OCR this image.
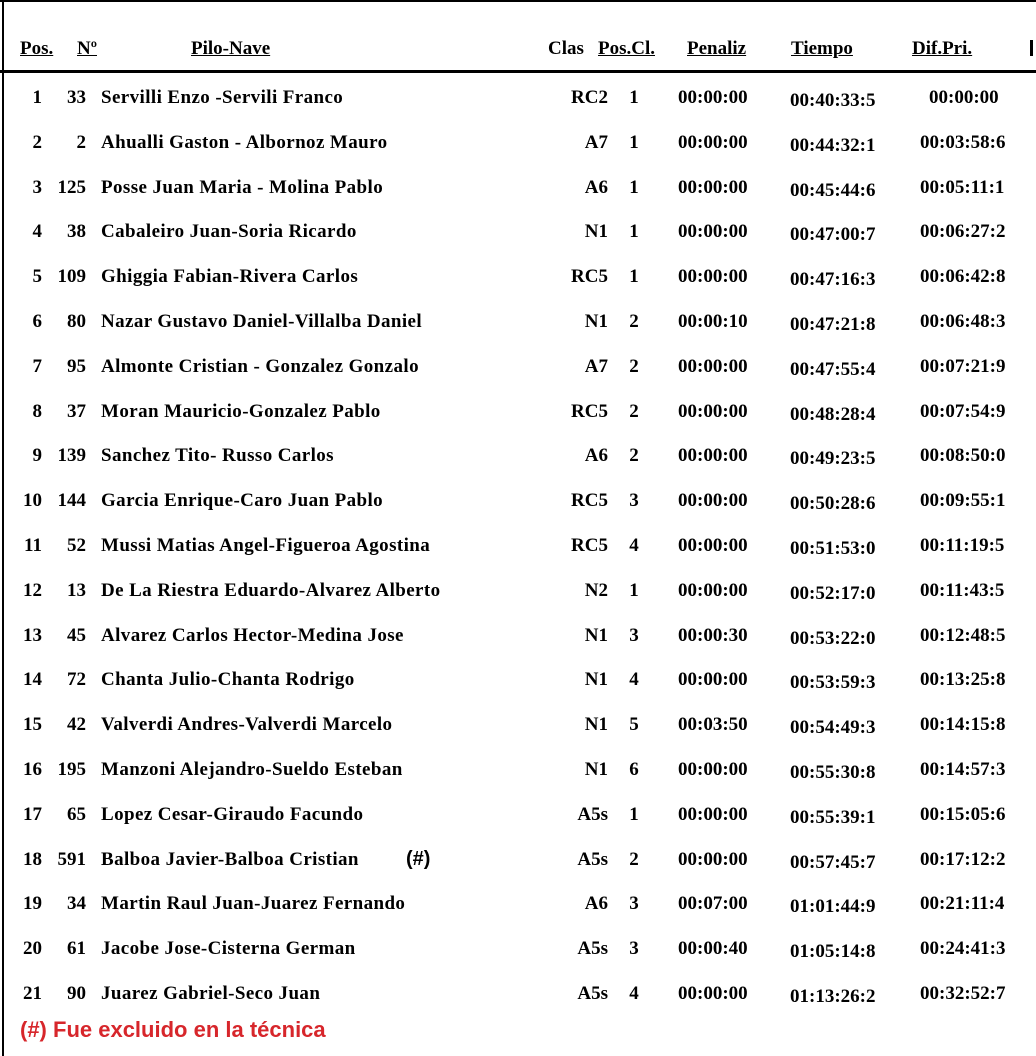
Pos. Nº	Pilo-Nave	Clas Pos.Cl. Penaliz Tiempo	Dif.Pri.
1	33 Servilli Enzo -Servili Franco	RC2 1 00:00:00 00:40:33:5	00:00:00
2	2 Ahualli Gaston - Albornoz Mauro	A7 1 00:00:00 00:44:32:1 00:03:58:6
3 125 Posse Juan Maria - Molina Pablo	A6 1 00:00:00 00:45:44:6 00:05:11:1
4	38 Cabaleiro Juan-Soria Ricardo	N1 1 00:00:00 00:47:00:7 00:06:27:2
5 109 Ghiggia Fabian-Rivera Carlos	RC5 1 00:00:00 00:47:16:3 00:06:42:8
6	80 Nazar Gustavo Daniel-Villalba Daniel	N1 2 00:00:10 00:47:21:8 00:06:48:3
7	95 Almonte Cristian - Gonzalez Gonzalo	A7 2 00:00:00 00:47:55:4 00:07:21:9
8	37 Moran Mauricio-Gonzalez Pablo	RC5 2 00:00:00 00:48:28:4 00:07:54:9
9 139 Sanchez Tito- Russo Carlos	A6 2 00:00:00 00:49:23:5 00:08:50:0
10 144 Garcia Enrique-Caro Juan Pablo	RC5 3 00:00:00 00:50:28:6 00:09:55:1
11	52 Mussi Matias Angel-Figueroa Agostina	RC5 4 00:00:00 00:51:53:0 00:11:19:5
12	13 De La Riestra Eduardo-Alvarez Alberto	N2 1 00:00:00 00:52:17:0 00:11:43:5
13	45 Alvarez Carlos Hector-Medina Jose	N1 3 00:00:30 00:53:22:0 00:12:48:5
14	72 Chanta Julio-Chanta Rodrigo	N1 4 00:00:00 00:53:59:3 00:13:25:8
15	42 Valverdi Andres-Valverdi Marcelo	N1 5 00:03:50 00:54:49:3 00:14:15:8
16 195 Manzoni Alejandro-Sueldo Esteban	N1 6 00:00:00 00:55:30:8 00:14:57:3
17	65 Lopez Cesar-Giraudo Facundo	A5s 1 00:00:00 00:55:39:1 00:15:05:6
18 591 Balboa Javier-Balboa Cristian	A5s 2 00:00:00 00:57:45:7 00:17:12:2
(#)
19	34 Martin Raul Juan-Juarez Fernando	A6 3 00:07:00 01:01:44:9 00:21:11:4
20	61 Jacobe Jose-Cisterna German	A5s 3 00:00:40 01:05:14:8 00:24:41:3
21	90 Juarez Gabriel-Seco Juan	A5s 4 00:00:00 01:13:26:2 00:32:52:7
(#) Fue excluido en la técnica
